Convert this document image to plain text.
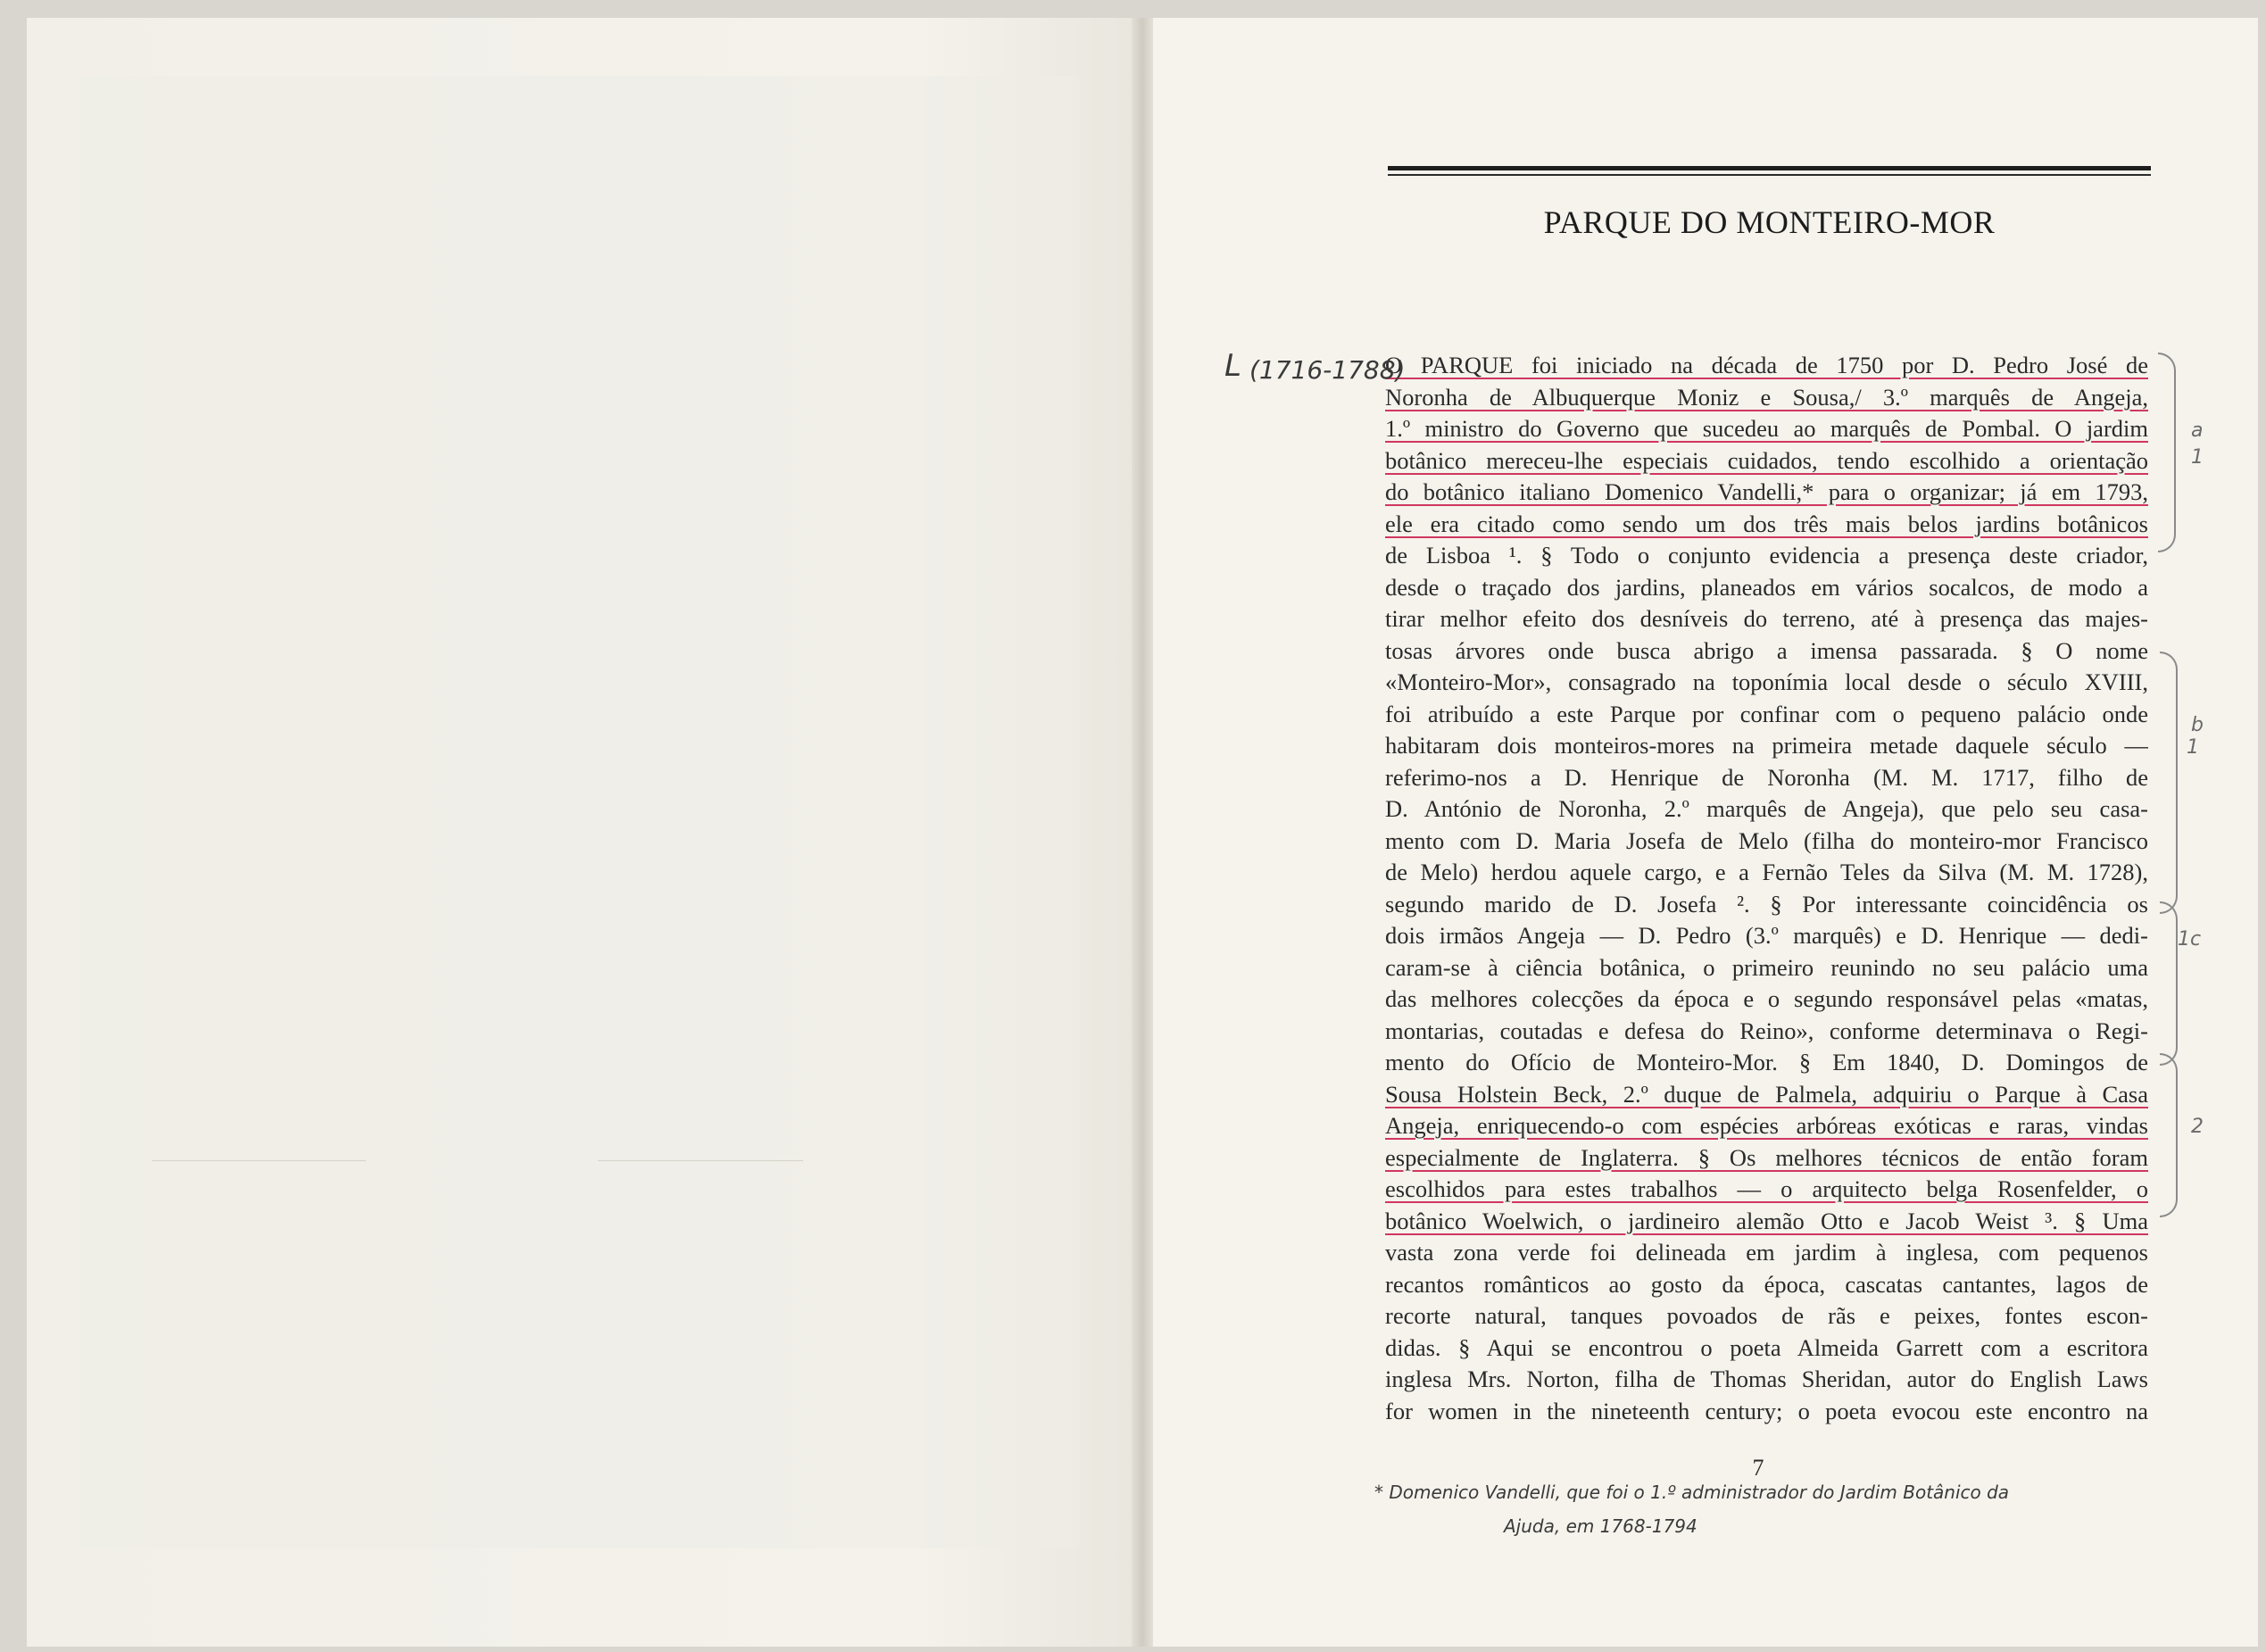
PARQUE DO MONTEIRO-MOR
O PARQUE foi iniciado na década de 1750 por D. Pedro José de
Noronha de Albuquerque Moniz e Sousa,/ 3.º marquês de Angeja,
1.º ministro do Governo que sucedeu ao marquês de Pombal. O jardim
botânico mereceu-lhe especiais cuidados, tendo escolhido a orientação
do botânico italiano Domenico Vandelli,* para o organizar; já em 1793,
ele era citado como sendo um dos três mais belos jardins botânicos
de Lisboa ¹. § Todo o conjunto evidencia a presença deste criador,
desde o traçado dos jardins, planeados em vários socalcos, de modo a
tirar melhor efeito dos desníveis do terreno, até à presença das majes-
tosas árvores onde busca abrigo a imensa passarada. § O nome
«Monteiro-Mor», consagrado na toponímia local desde o século XVIII,
foi atribuído a este Parque por confinar com o pequeno palácio onde
habitaram dois monteiros-mores na primeira metade daquele século —
referimo-nos a D. Henrique de Noronha (M. M. 1717, filho de
D. António de Noronha, 2.º marquês de Angeja), que pelo seu casa-
mento com D. Maria Josefa de Melo (filha do monteiro-mor Francisco
de Melo) herdou aquele cargo, e a Fernão Teles da Silva (M. M. 1728),
segundo marido de D. Josefa ². § Por interessante coincidência os
dois irmãos Angeja — D. Pedro (3.º marquês) e D. Henrique — dedi-
caram-se à ciência botânica, o primeiro reunindo no seu palácio uma
das melhores colecções da época e o segundo responsável pelas «matas,
montarias, coutadas e defesa do Reino», conforme determinava o Regi-
mento do Ofício de Monteiro-Mor. § Em 1840, D. Domingos de
Sousa Holstein Beck, 2.º duque de Palmela, adquiriu o Parque à Casa
Angeja, enriquecendo-o com espécies arbóreas exóticas e raras, vindas
especialmente de Inglaterra. § Os melhores técnicos de então foram
escolhidos para estes trabalhos — o arquitecto belga Rosenfelder, o
botânico Woelwich, o jardineiro alemão Otto e Jacob Weist ³. § Uma
vasta zona verde foi delineada em jardim à inglesa, com pequenos
recantos românticos ao gosto da época, cascatas cantantes, lagos de
recorte natural, tanques povoados de rãs e peixes, fontes escon-
didas. § Aqui se encontrou o poeta Almeida Garrett com a escritora
inglesa Mrs. Norton, filha de Thomas Sheridan, autor do English Laws
for women in the nineteenth century; o poeta evocou este encontro na
7
L (1716-1788)
* Domenico Vandelli, que foi o 1.º administrador do Jardim Botânico da
Ajuda, em 1768-1794
a
1
b
1
1c
2
